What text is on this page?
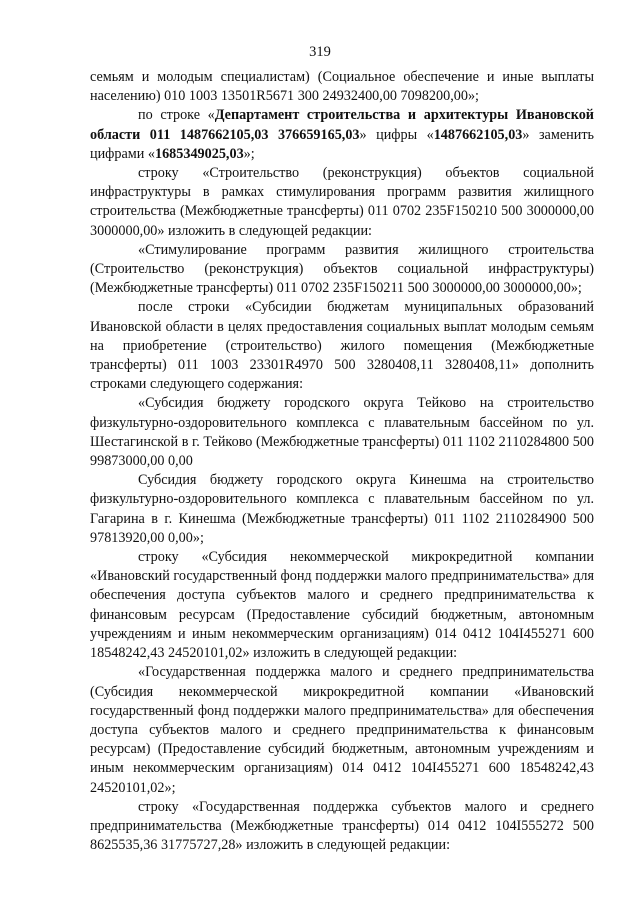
319

семьям и молодым специалистам) (Социальное обеспечение и иные выплаты населению) 010 1003 13501R5671 300 24932400,00 7098200,00»;

по строке «Департамент строительства и архитектуры Ивановской области 011 1487662105,03 376659165,03» цифры «1487662105,03» заменить цифрами «1685349025,03»;

строку «Строительство (реконструкция) объектов социальной инфраструктуры в рамках стимулирования программ развития жилищного строительства (Межбюджетные трансферты) 011 0702 235F150210 500 3000000,00 3000000,00» изложить в следующей редакции:

«Стимулирование программ развития жилищного строительства (Строительство (реконструкция) объектов социальной инфраструктуры) (Межбюджетные трансферты) 011 0702 235F150211 500 3000000,00 3000000,00»;

после строки «Субсидии бюджетам муниципальных образований Ивановской области в целях предоставления социальных выплат молодым семьям на приобретение (строительство) жилого помещения (Межбюджетные трансферты) 011 1003 23301R4970 500 3280408,11 3280408,11» дополнить строками следующего содержания:

«Субсидия бюджету городского округа Тейково на строительство физкультурно-оздоровительного комплекса с плавательным бассейном по ул. Шестагинской в г. Тейково (Межбюджетные трансферты) 011 1102 2110284800 500 99873000,00 0,00

Субсидия бюджету городского округа Кинешма на строительство физкультурно-оздоровительного комплекса с плавательным бассейном по ул. Гагарина в г. Кинешма (Межбюджетные трансферты) 011 1102 2110284900 500 97813920,00 0,00»;

строку «Субсидия некоммерческой микрокредитной компании «Ивановский государственный фонд поддержки малого предпринимательства» для обеспечения доступа субъектов малого и среднего предпринимательства к финансовым ресурсам (Предоставление субсидий бюджетным, автономным учреждениям и иным некоммерческим организациям) 014 0412 104I455271 600 18548242,43 24520101,02» изложить в следующей редакции:

«Государственная поддержка малого и среднего предпринимательства (Субсидия некоммерческой микрокредитной компании «Ивановский государственный фонд поддержки малого предпринимательства» для обеспечения доступа субъектов малого и среднего предпринимательства к финансовым ресурсам) (Предоставление субсидий бюджетным, автономным учреждениям и иным некоммерческим организациям) 014 0412 104I455271 600 18548242,43 24520101,02»;

строку «Государственная поддержка субъектов малого и среднего предпринимательства (Межбюджетные трансферты) 014 0412 104I555272 500 8625535,36 31775727,28» изложить в следующей редакции:
